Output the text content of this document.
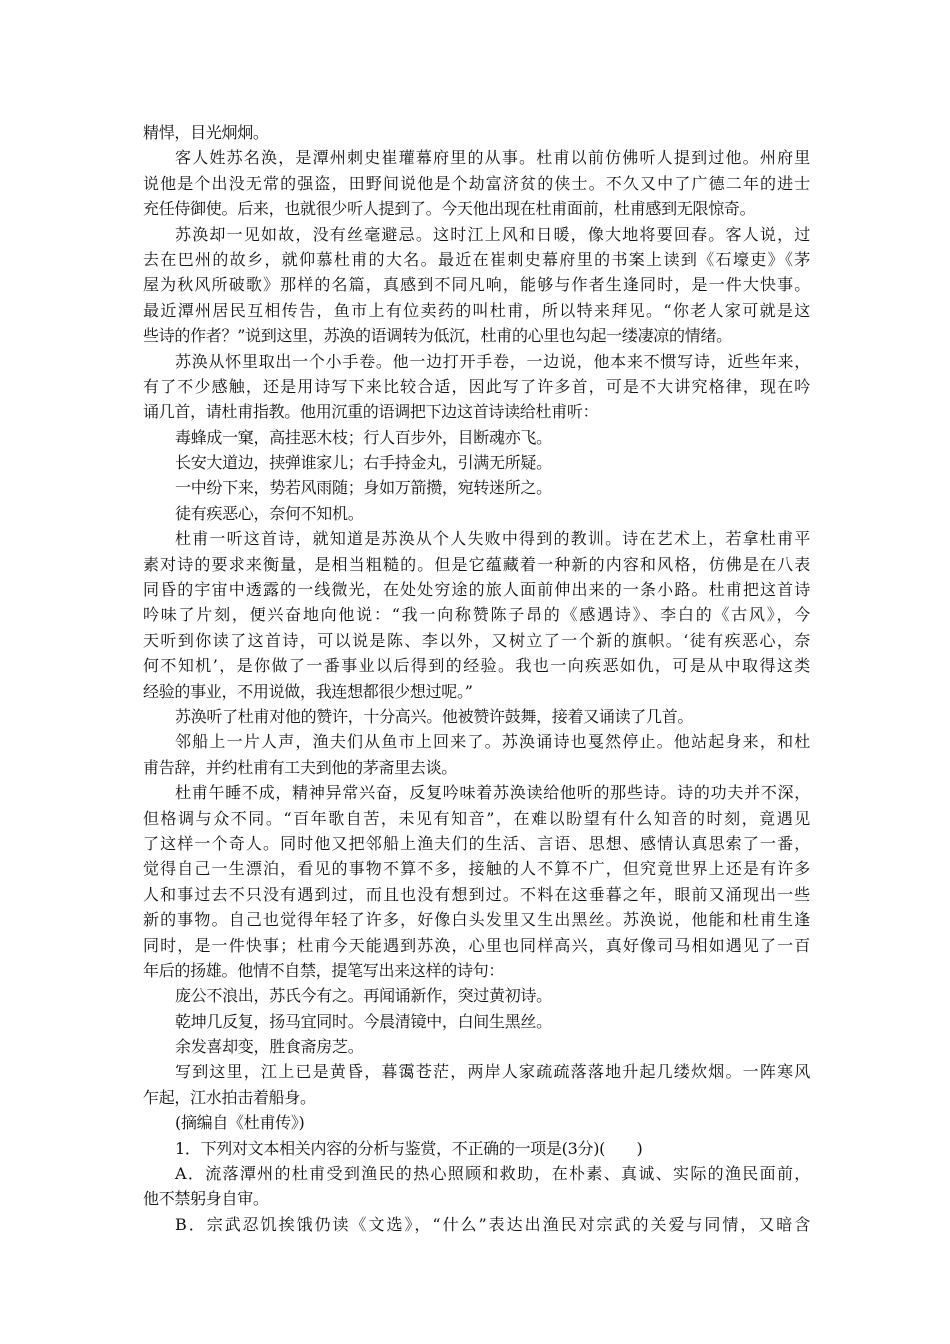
精悍，目光炯炯。
客人姓苏名涣，是潭州刺史崔瓘幕府里的从事。杜甫以前仿佛听人提到过他。州府里
说他是个出没无常的强盗，田野间说他是个劫富济贫的侠士。不久又中了广德二年的进士
充任侍御使。后来，也就很少听人提到了。今天他出现在杜甫面前，杜甫感到无限惊奇。
苏涣却一见如故，没有丝毫避忌。这时江上风和日暖，像大地将要回春。客人说，过
去在巴州的故乡，就仰慕杜甫的大名。最近在崔刺史幕府里的书案上读到《石壕吏》《茅
屋为秋风所破歌》那样的名篇，真感到不同凡响，能够与作者生逢同时，是一件大快事。
最近潭州居民互相传告，鱼市上有位卖药的叫杜甫，所以特来拜见。“你老人家可就是这
些诗的作者？”说到这里，苏涣的语调转为低沉，杜甫的心里也勾起一缕凄凉的情绪。
苏涣从怀里取出一个小手卷。他一边打开手卷，一边说，他本来不惯写诗，近些年来，
有了不少感触，还是用诗写下来比较合适，因此写了许多首，可是不大讲究格律，现在吟
诵几首，请杜甫指教。他用沉重的语调把下边这首诗读给杜甫听：
毒蜂成一窠，高挂恶木枝；行人百步外，目断魂亦飞。
长安大道边，挟弹谁家儿；右手持金丸，引满无所疑。
一中纷下来，势若风雨随；身如万箭攒，宛转迷所之。
徒有疾恶心，奈何不知机。
杜甫一听这首诗，就知道是苏涣从个人失败中得到的教训。诗在艺术上，若拿杜甫平
素对诗的要求来衡量，是相当粗糙的。但是它蕴藏着一种新的内容和风格，仿佛是在八表
同昏的宇宙中透露的一线微光，在处处穷途的旅人面前伸出来的一条小路。杜甫把这首诗
吟味了片刻，便兴奋地向他说：“我一向称赞陈子昂的《感遇诗》、李白的《古风》，今
天听到你读了这首诗，可以说是陈、李以外，又树立了一个新的旗帜。‘徒有疾恶心，奈
何不知机’，是你做了一番事业以后得到的经验。我也一向疾恶如仇，可是从中取得这类
经验的事业，不用说做，我连想都很少想过呢。”
苏涣听了杜甫对他的赞许，十分高兴。他被赞许鼓舞，接着又诵读了几首。
邻船上一片人声，渔夫们从鱼市上回来了。苏涣诵诗也戛然停止。他站起身来，和杜
甫告辞，并约杜甫有工夫到他的茅斋里去谈。
杜甫午睡不成，精神异常兴奋，反复吟味着苏涣读给他听的那些诗。诗的功夫并不深，
但格调与众不同。“百年歌自苦，未见有知音”，在难以盼望有什么知音的时刻，竟遇见
了这样一个奇人。同时他又把邻船上渔夫们的生活、言语、思想、感情认真思索了一番，
觉得自己一生漂泊，看见的事物不算不多，接触的人不算不广，但究竟世界上还是有许多
人和事过去不只没有遇到过，而且也没有想到过。不料在这垂暮之年，眼前又涌现出一些
新的事物。自己也觉得年轻了许多，好像白头发里又生出黑丝。苏涣说，他能和杜甫生逢
同时，是一件快事；杜甫今天能遇到苏涣，心里也同样高兴，真好像司马相如遇见了一百
年后的扬雄。他情不自禁，提笔写出来这样的诗句：
庞公不浪出，苏氏今有之。再闻诵新作，突过黄初诗。
乾坤几反复，扬马宜同时。今晨清镜中，白间生黑丝。
余发喜却变，胜食斋房芝。
写到这里，江上已是黄昏，暮霭苍茫，两岸人家疏疏落落地升起几缕炊烟。一阵寒风
乍起，江水拍击着船身。
(摘编自《杜甫传》)
1．下列对文本相关内容的分析与鉴赏，不正确的一项是(3分)(　　)
A．流落潭州的杜甫受到渔民的热心照顾和救助，在朴素、真诚、实际的渔民面前，
他不禁躬身自审。
B．宗武忍饥挨饿仍读《文选》，“什么”表达出渔民对宗武的关爱与同情，又暗含
